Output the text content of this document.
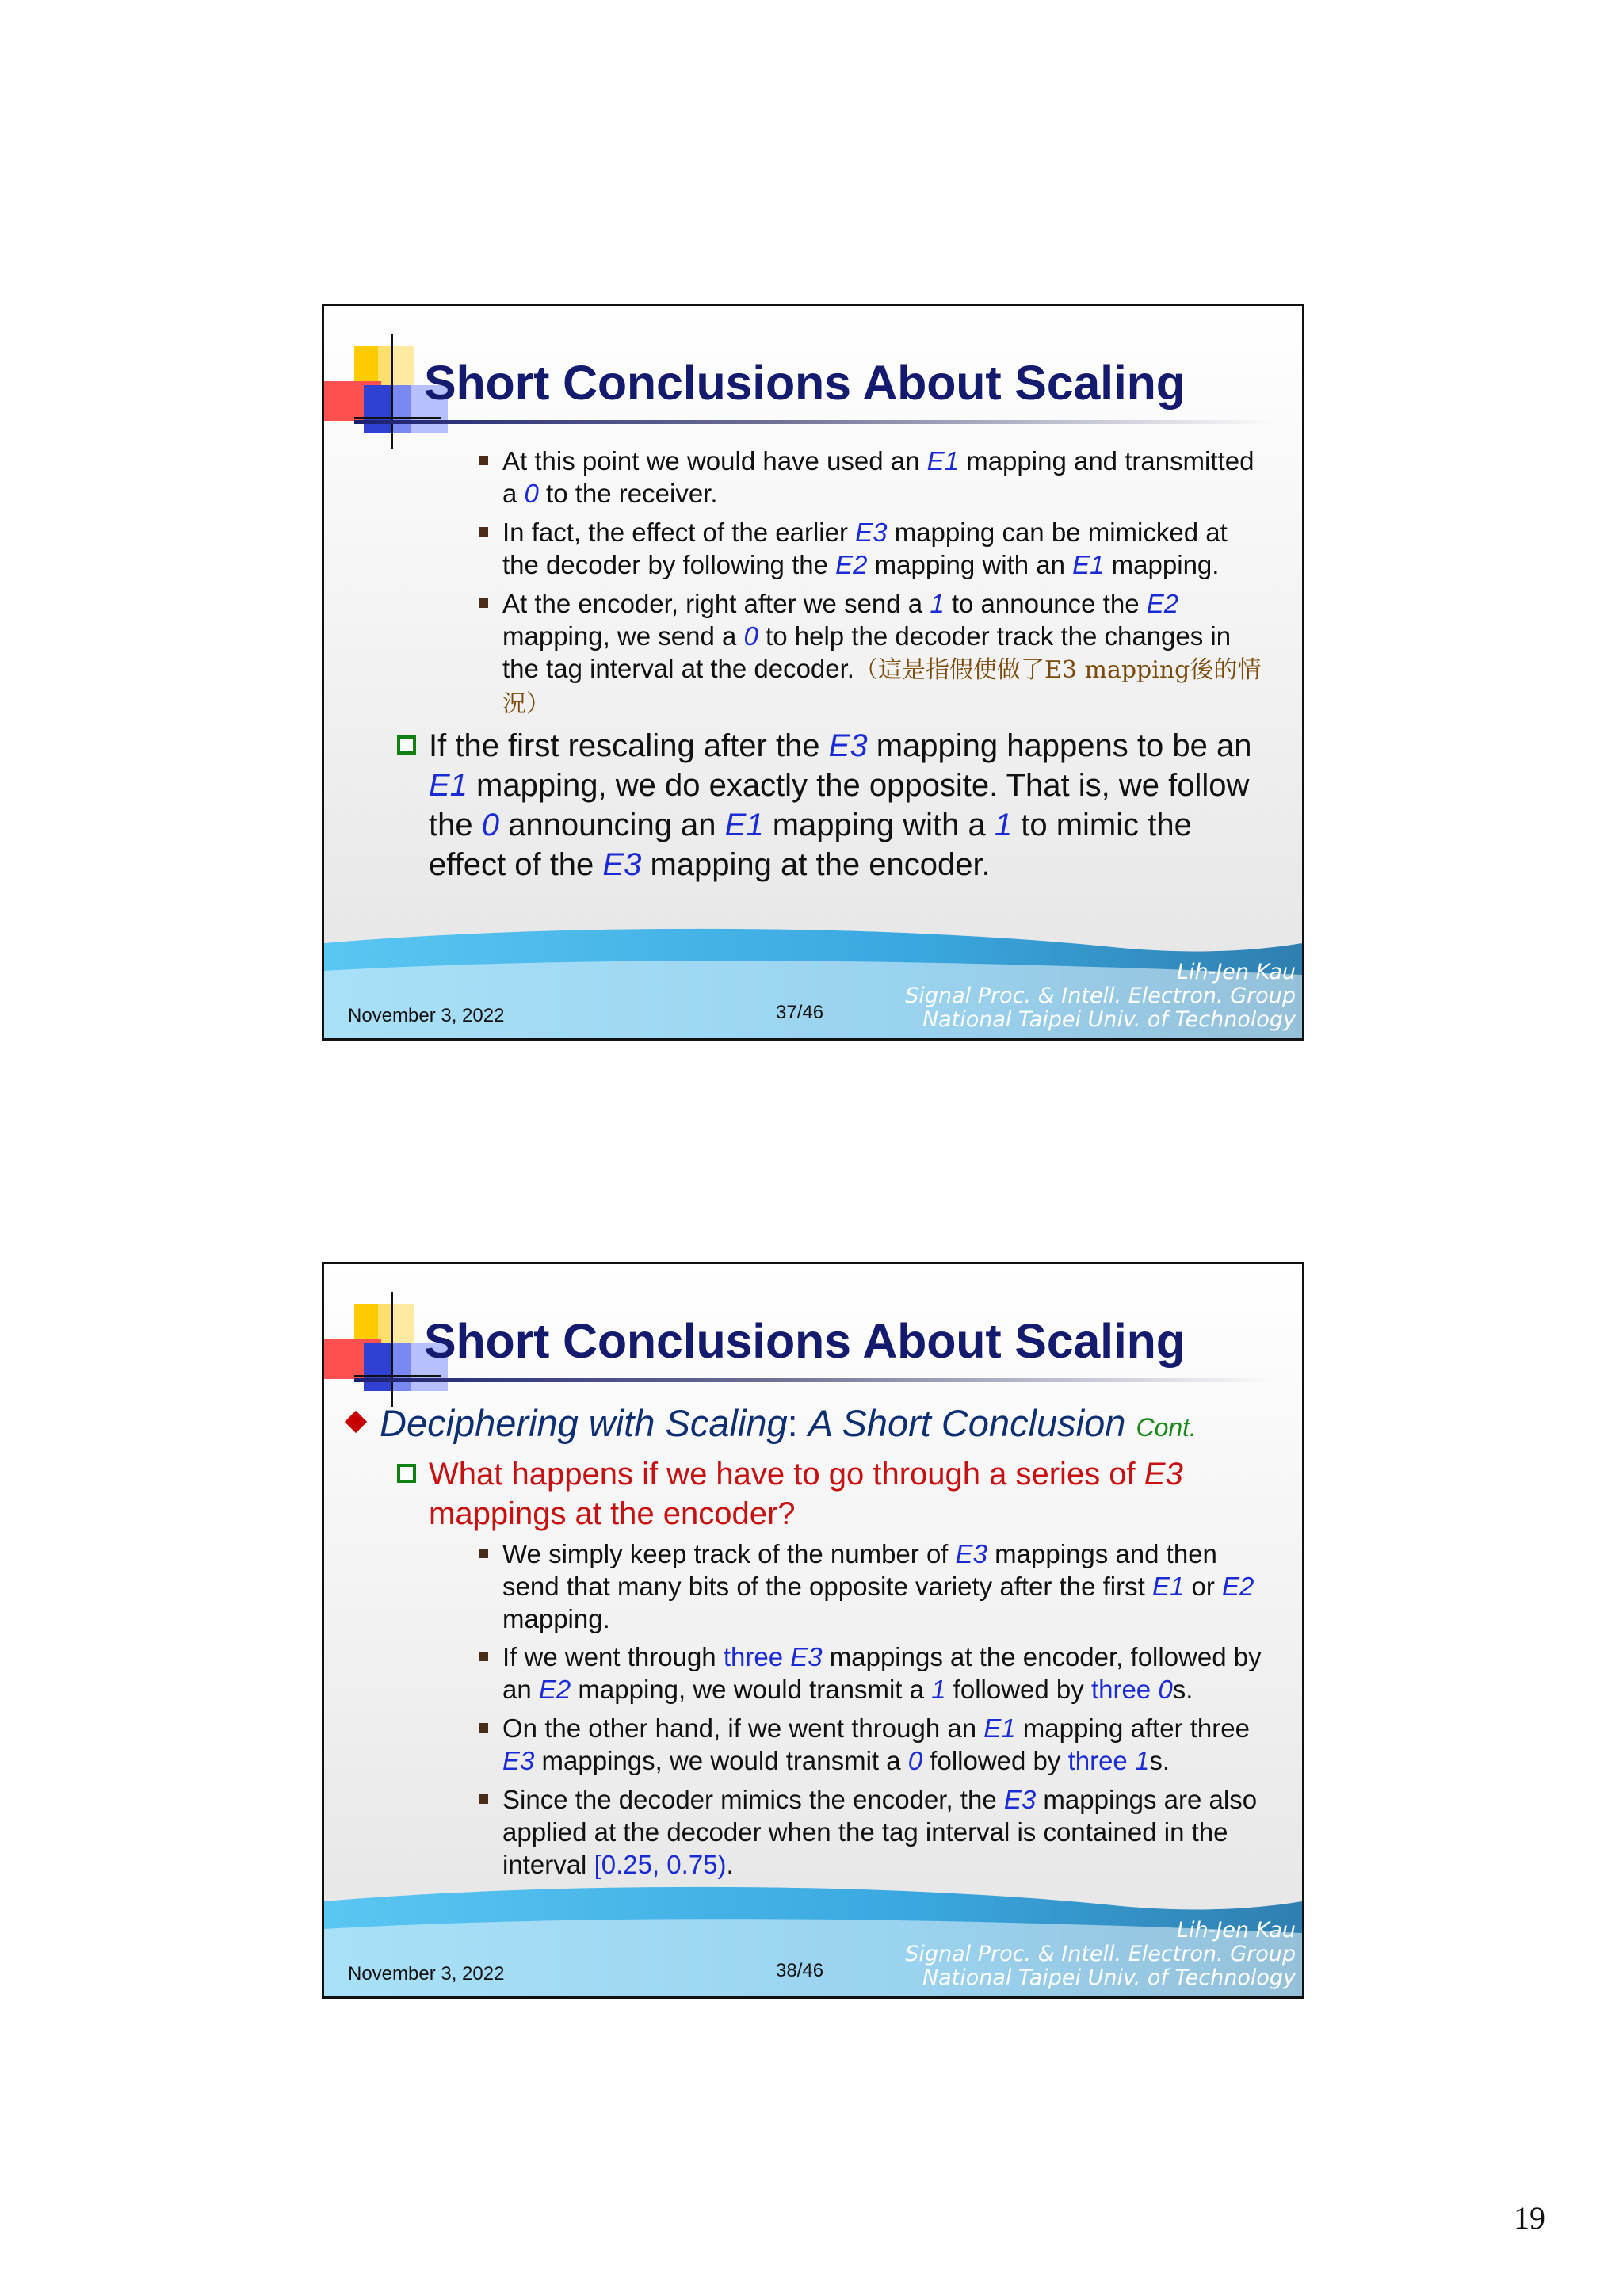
Short Conclusions About Scaling
At this point we would have used an E1 mapping and transmitted a 0 to the receiver.
In fact, the effect of the earlier E3 mapping can be mimicked at the decoder by following the E2 mapping with an E1 mapping.
At the encoder, right after we send a 1 to announce the E2 mapping, we send a 0 to help the decoder track the changes in the tag interval at the decoder.（這是指假使做了E3 mapping後的情況）
If the first rescaling after the E3 mapping happens to be an E1 mapping, we do exactly the opposite. That is, we follow the 0 announcing an E1 mapping with a 1 to mimic the effect of the E3 mapping at the encoder.
November 3, 2022	37/46
Lih-Jen Kau
Signal Proc. & Intell. Electron. Group
National Taipei Univ. of Technology
Short Conclusions About Scaling
Deciphering with Scaling: A Short Conclusion Cont.
What happens if we have to go through a series of E3 mappings at the encoder?
We simply keep track of the number of E3 mappings and then send that many bits of the opposite variety after the first E1 or E2 mapping.
If we went through three E3 mappings at the encoder, followed by an E2 mapping, we would transmit a 1 followed by three 0s.
On the other hand, if we went through an E1 mapping after three E3 mappings, we would transmit a 0 followed by three 1s.
Since the decoder mimics the encoder, the E3 mappings are also applied at the decoder when the tag interval is contained in the interval [0.25, 0.75).
November 3, 2022	38/46
Lih-Jen Kau
Signal Proc. & Intell. Electron. Group
National Taipei Univ. of Technology
19
